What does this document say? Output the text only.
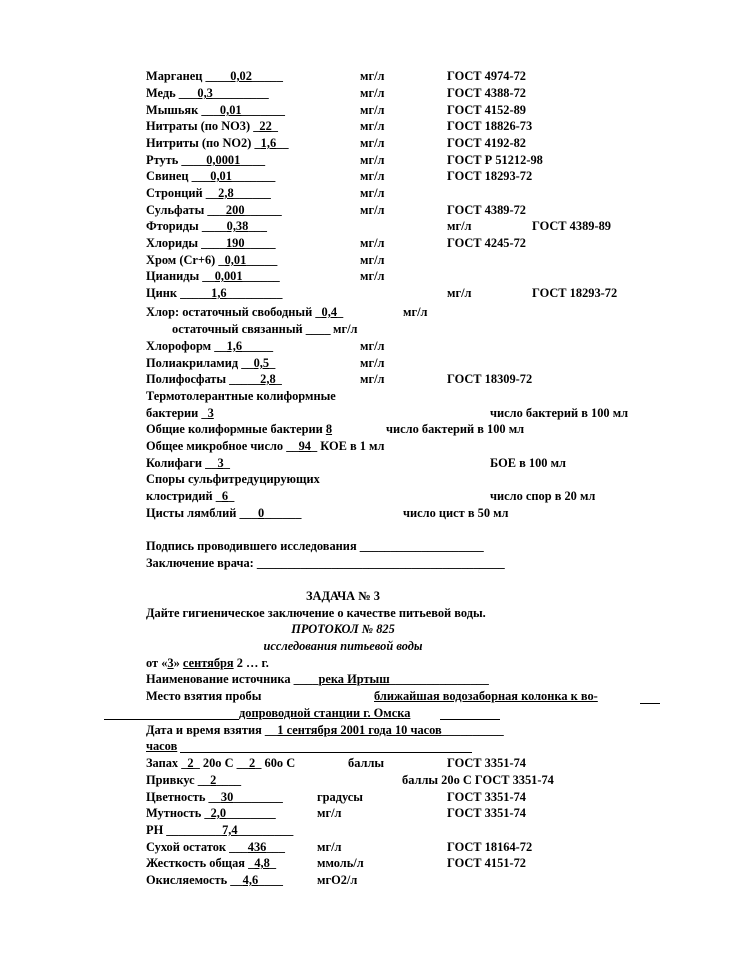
Марганец ____0,02_____	мг/л	ГОСТ 4974-72
Медь ___0,3_________	мг/л	ГОСТ 4388-72
Мышьяк ___0,01_______	мг/л	ГОСТ 4152-89
Нитраты (по NO3) _22_	мг/л	ГОСТ 18826-73
Нитриты (по NO2) _1,6__	мг/л	ГОСТ 4192-82
Ртуть ____0,0001____	мг/л	ГОСТ Р 51212-98
Свинец ___0,01_______	мг/л	ГОСТ 18293-72
Стронций __2,8______	мг/л
Сульфаты ___200______	мг/л	ГОСТ 4389-72
Фториды ____0,38___	мг/л	ГОСТ 4389-89
Хлориды ____190_____	мг/л	ГОСТ 4245-72
Хром (Cr+6) _0,01_____	мг/л
Цианиды __0,001______	мг/л
Цинк _____1,6_________	мг/л	ГОСТ 18293-72
Хлор: остаточный свободный _0,4_	мг/л
остаточный связанный ____ мг/л
Хлороформ __1,6_____	мг/л
Полиакриламид __0,5_	мг/л
Полифосфаты _____2,8_	мг/л	ГОСТ 18309-72
Термотолерантные колиформные
бактерии _3	число бактерий в 100 мл
Общие колиформные бактерии 8	число бактерий в 100 мл
Общее микробное число __94_ КОЕ в 1 мл
Колифаги __3_	БОЕ в 100 мл
Споры сульфитредуцирующих
клостридий _6_	число спор в 20 мл
Цисты лямблий ___0______	число цист в 50 мл
Подпись проводившего исследования ____________________
Заключение врача: ________________________________________
ЗАДАЧА № 3
Дайте гигиеническое заключение о качестве питьевой воды.
ПРОТОКОЛ № 825
исследования питьевой воды
от «3» сентября 2 … г.
Наименование источника ____река Иртыш________________
Место взятия пробы	ближайшая водозаборная колонка к во-
допроводной станции г. Омска
Дата и время взятия __1 сентября 2001 года 10 часов__________
часов
Запах _2_ 20о С __2_ 60о С	баллы	ГОСТ 3351-74
Привкус __2____	баллы 20о С ГОСТ 3351-74
Цветность __30________	градусы	ГОСТ 3351-74
Мутность _2,0________	мг/л	ГОСТ 3351-74
PH _________7,4_________
Сухой остаток ___436___	мг/л	ГОСТ 18164-72
Жесткость общая _4,8_	ммоль/л	ГОСТ 4151-72
Окисляемость __4,6____	мгО2/л
